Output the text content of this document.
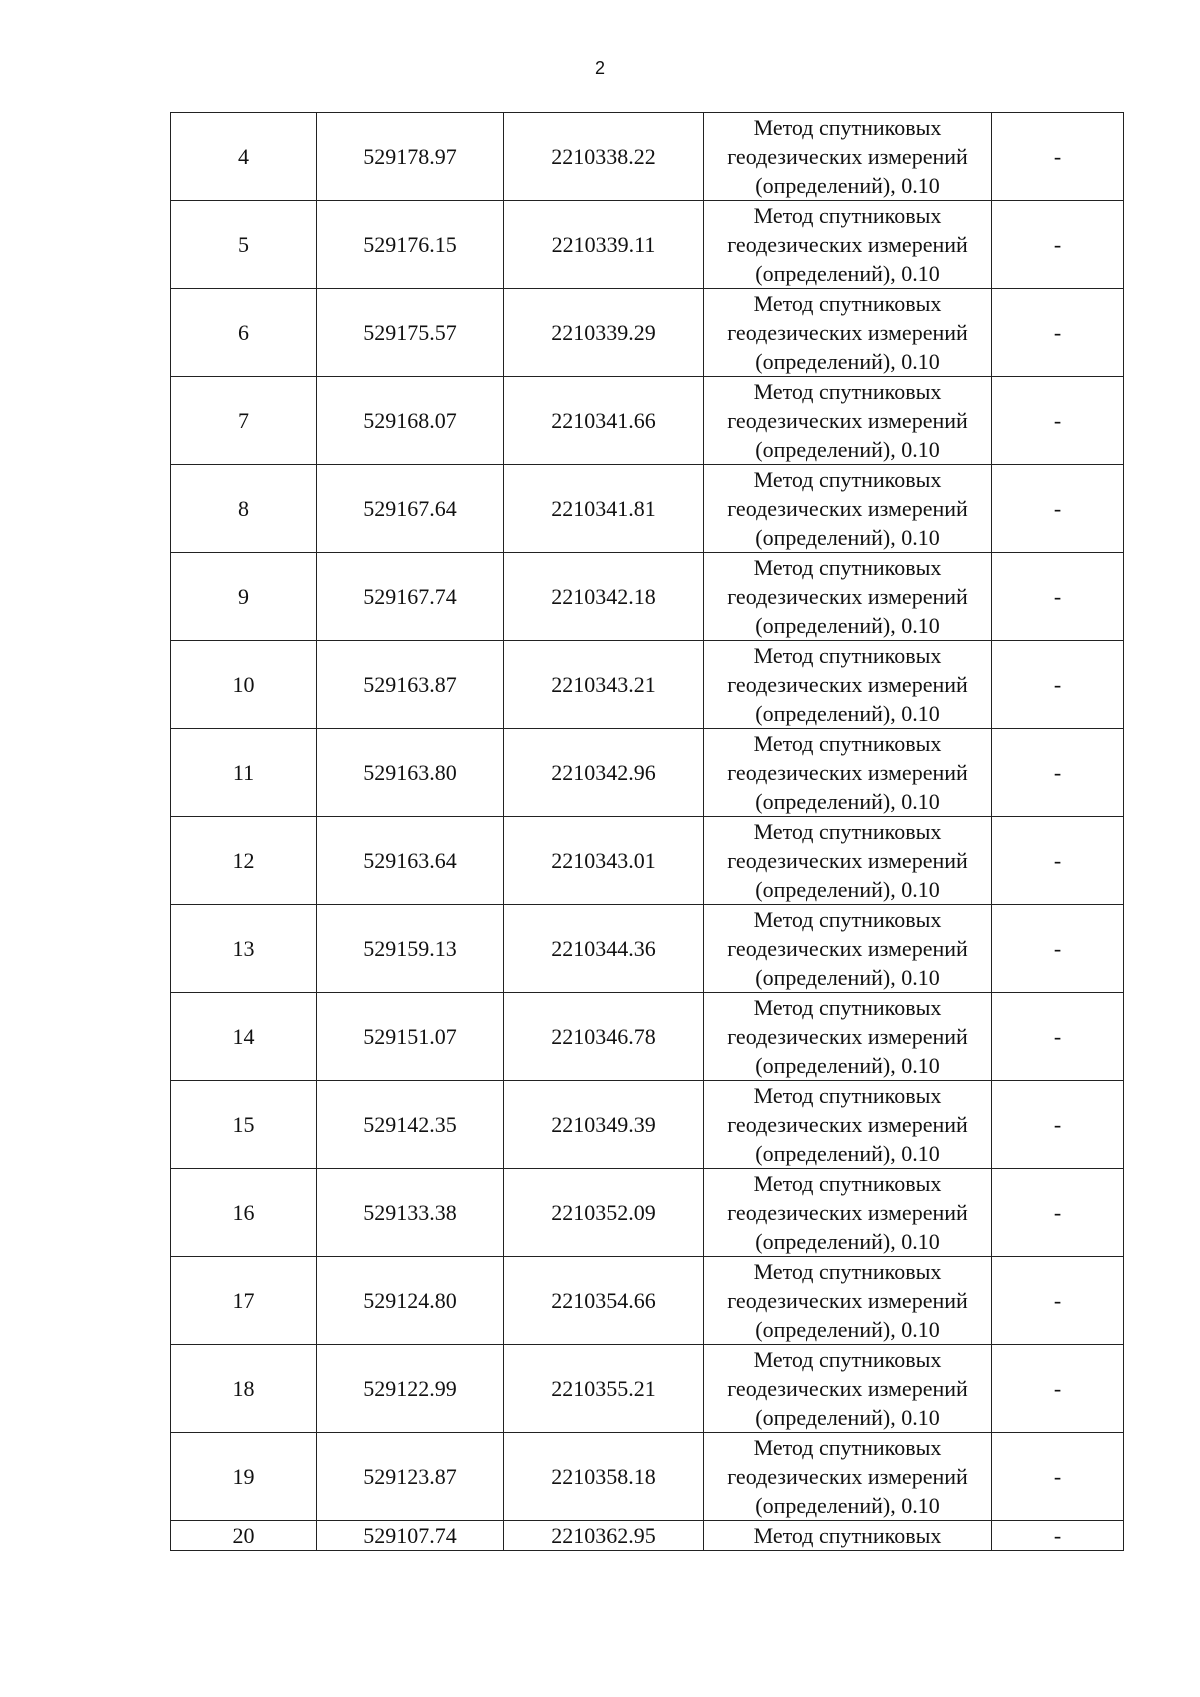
2
4	529178.97	2210338.22	Метод спутниковых
геодезических измерений
(определений), 0.10	-
5	529176.15	2210339.11	Метод спутниковых
геодезических измерений
(определений), 0.10	-
6	529175.57	2210339.29	Метод спутниковых
геодезических измерений
(определений), 0.10	-
7	529168.07	2210341.66	Метод спутниковых
геодезических измерений
(определений), 0.10	-
8	529167.64	2210341.81	Метод спутниковых
геодезических измерений
(определений), 0.10	-
9	529167.74	2210342.18	Метод спутниковых
геодезических измерений
(определений), 0.10	-
10	529163.87	2210343.21	Метод спутниковых
геодезических измерений
(определений), 0.10	-
11	529163.80	2210342.96	Метод спутниковых
геодезических измерений
(определений), 0.10	-
12	529163.64	2210343.01	Метод спутниковых
геодезических измерений
(определений), 0.10	-
13	529159.13	2210344.36	Метод спутниковых
геодезических измерений
(определений), 0.10	-
14	529151.07	2210346.78	Метод спутниковых
геодезических измерений
(определений), 0.10	-
15	529142.35	2210349.39	Метод спутниковых
геодезических измерений
(определений), 0.10	-
16	529133.38	2210352.09	Метод спутниковых
геодезических измерений
(определений), 0.10	-
17	529124.80	2210354.66	Метод спутниковых
геодезических измерений
(определений), 0.10	-
18	529122.99	2210355.21	Метод спутниковых
геодезических измерений
(определений), 0.10	-
19	529123.87	2210358.18	Метод спутниковых
геодезических измерений
(определений), 0.10	-
20	529107.74	2210362.95	Метод спутниковых	-
